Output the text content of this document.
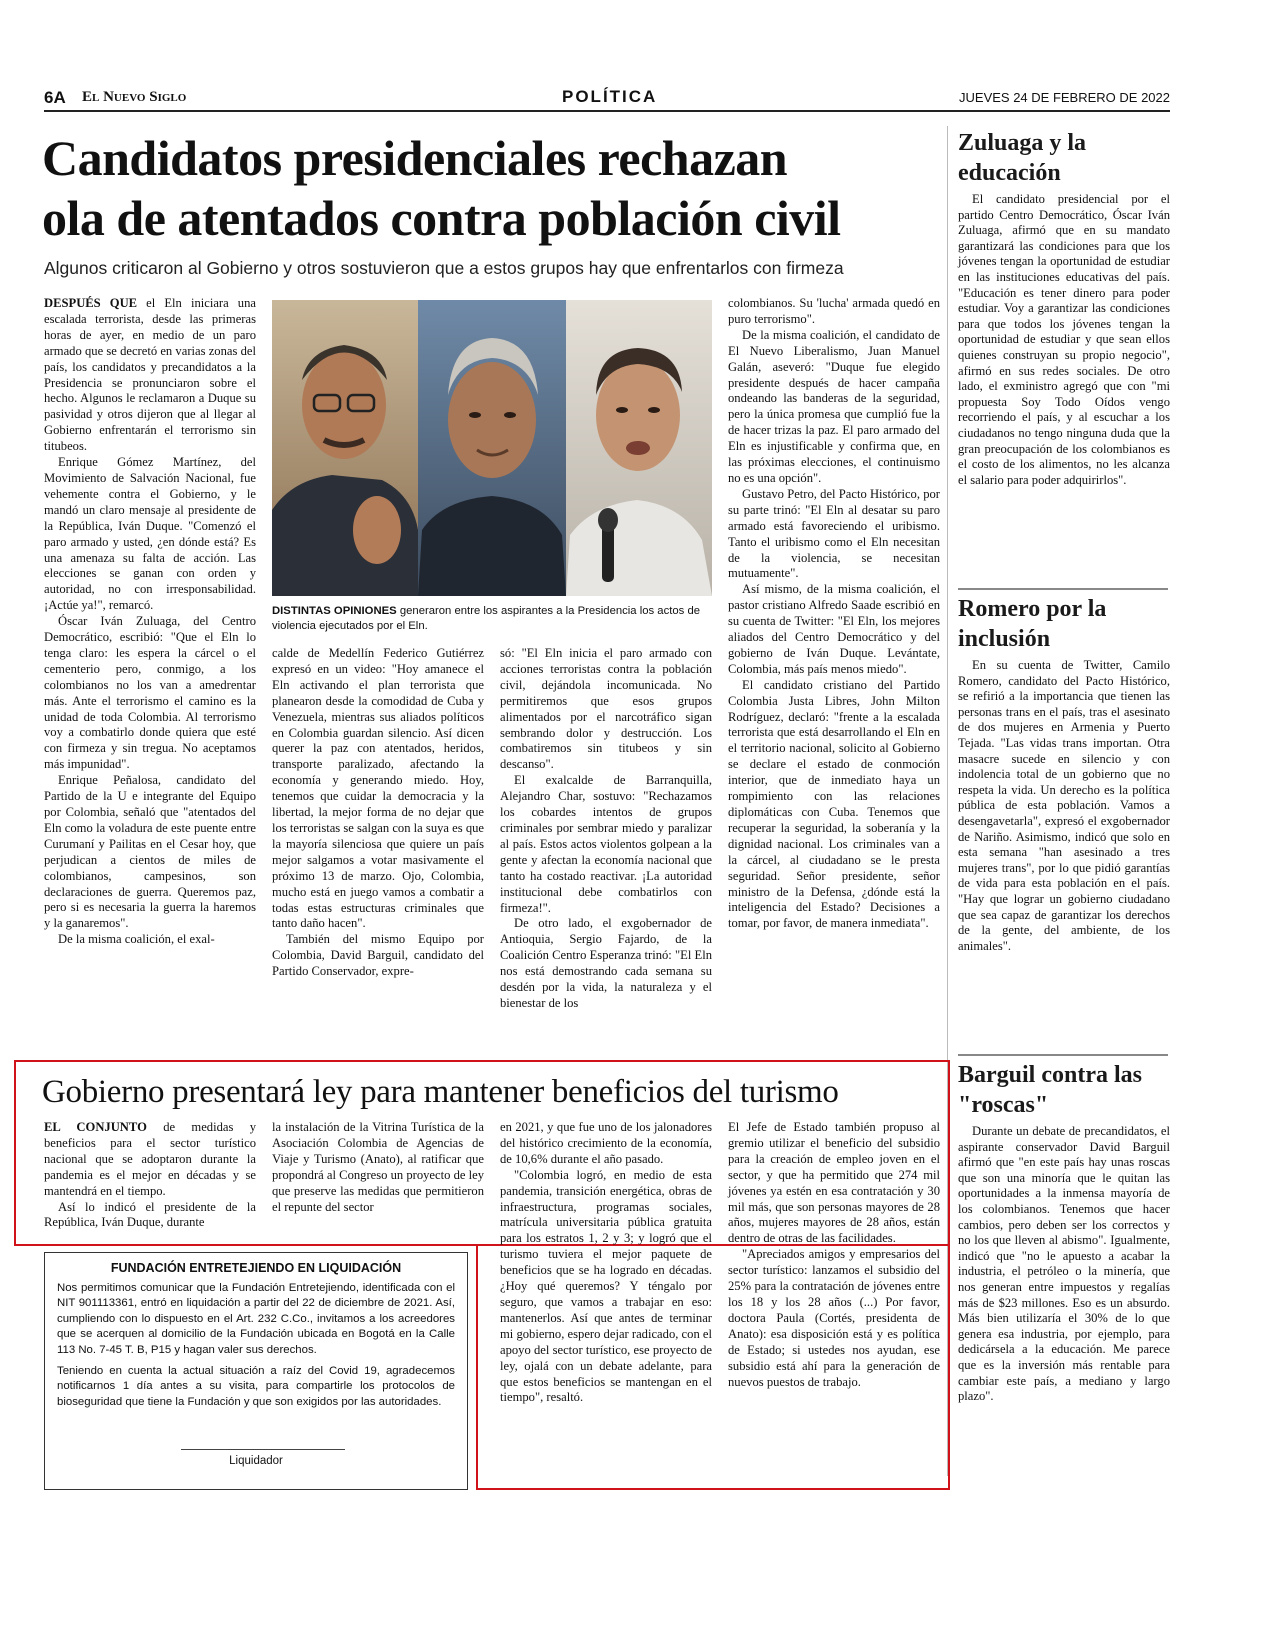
6A El Nuevo Siglo	POLÍTICA	JUEVES 24 DE FEBRERO DE 2022
Candidatos presidenciales rechazan
ola de atentados contra población civil
Algunos criticaron al Gobierno y otros sostuvieron que a estos grupos hay que enfrentarlos con firmeza
DISTINTAS OPINIONES generaron entre los aspirantes a la Presidencia los actos de violencia ejecutados por el Eln.

DESPUÉS QUE el Eln iniciara una escalada terrorista, desde las primeras horas de ayer, en medio de un paro armado que se decretó en varias zonas del país, los candidatos y precandidatos a la Presidencia se pronunciaron sobre el hecho. Algunos le reclamaron a Duque su pasividad y otros dijeron que al llegar al Gobierno enfrentarán el terrorismo sin titubeos.

Enrique Gómez Martínez, del Movimiento de Salvación Nacional, fue vehemente contra el Gobierno, y le mandó un claro mensaje al presidente de la República, Iván Duque. "Comenzó el paro armado y usted, ¿en dónde está? Es una amenaza su falta de acción. Las elecciones se ganan con orden y autoridad, no con irresponsabilidad. ¡Actúe ya!", remarcó.

Óscar Iván Zuluaga, del Centro Democrático, escribió: "Que el Eln lo tenga claro: les espera la cárcel o el cementerio pero, conmigo, a los colombianos no los van a amedrentar más. Ante el terrorismo el camino es la unidad de toda Colombia. Al terrorismo voy a combatirlo donde quiera que esté con firmeza y sin tregua. No aceptamos más impunidad".

Enrique Peñalosa, candidato del Partido de la U e integrante del Equipo por Colombia, señaló que "atentados del Eln como la voladura de este puente entre Curumaní y Pailitas en el Cesar hoy, que perjudican a cientos de miles de colombianos, campesinos, son declaraciones de guerra. Queremos paz, pero si es necesaria la guerra la haremos y la ganaremos".

De la misma coalición, el exal-

calde de Medellín Federico Gutiérrez expresó en un video: "Hoy amanece el Eln activando el plan terrorista que planearon desde la comodidad de Cuba y Venezuela, mientras sus aliados políticos en Colombia guardan silencio. Así dicen querer la paz con atentados, heridos, transporte paralizado, afectando la economía y generando miedo. Hoy, tenemos que cuidar la democracia y la libertad, la mejor forma de no dejar que los terroristas se salgan con la suya es que la mayoría silenciosa que quiere un país mejor salgamos a votar masivamente el próximo 13 de marzo. Ojo, Colombia, mucho está en juego vamos a combatir a todas estas estructuras criminales que tanto daño hacen".

También del mismo Equipo por Colombia, David Barguil, candidato del Partido Conservador, expre-

só: "El Eln inicia el paro armado con acciones terroristas contra la población civil, dejándola incomunicada. No permitiremos que esos grupos alimentados por el narcotráfico sigan sembrando dolor y destrucción. Los combatiremos sin titubeos y sin descanso".

El exalcalde de Barranquilla, Alejandro Char, sostuvo: "Rechazamos los cobardes intentos de grupos criminales por sembrar miedo y paralizar al país. Estos actos violentos golpean a la gente y afectan la economía nacional que tanto ha costado reactivar. ¡La autoridad institucional debe combatirlos con firmeza!".

De otro lado, el exgobernador de Antioquia, Sergio Fajardo, de la Coalición Centro Esperanza trinó: "El Eln nos está demostrando cada semana su desdén por la vida, la naturaleza y el bienestar de los

colombianos. Su 'lucha' armada quedó en puro terrorismo".

De la misma coalición, el candidato de El Nuevo Liberalismo, Juan Manuel Galán, aseveró: "Duque fue elegido presidente después de hacer campaña ondeando las banderas de la seguridad, pero la única promesa que cumplió fue la de hacer trizas la paz. El paro armado del Eln es injustificable y confirma que, en las próximas elecciones, el continuismo no es una opción".

Gustavo Petro, del Pacto Histórico, por su parte trinó: "El Eln al desatar su paro armado está favoreciendo el uribismo. Tanto el uribismo como el Eln necesitan de la violencia, se necesitan mutuamente".

Así mismo, de la misma coalición, el pastor cristiano Alfredo Saade escribió en su cuenta de Twitter: "El Eln, los mejores aliados del Centro Democrático y del gobierno de Iván Duque. Levántate, Colombia, más país menos miedo".

El candidato cristiano del Partido Colombia Justa Libres, John Milton Rodríguez, declaró: "frente a la escalada terrorista que está desarrollando el Eln en el territorio nacional, solicito al Gobierno se declare el estado de conmoción interior, que de inmediato haya un rompimiento con las relaciones diplomáticas con Cuba. Tenemos que recuperar la seguridad, la soberanía y la dignidad nacional. Los criminales van a la cárcel, al ciudadano se le presta seguridad. Señor presidente, señor ministro de la Defensa, ¿dónde está la inteligencia del Estado? Decisiones a tomar, por favor, de manera inmediata".

Zuluaga y la educación

El candidato presidencial por el partido Centro Democrático, Óscar Iván Zuluaga, afirmó que en su mandato garantizará las condiciones para que los jóvenes tengan la oportunidad de estudiar en las instituciones educativas del país. "Educación es tener dinero para poder estudiar. Voy a garantizar las condiciones para que todos los jóvenes tengan la oportunidad de estudiar y que sean ellos quienes construyan su propio negocio", afirmó en sus redes sociales. De otro lado, el exministro agregó que con "mi propuesta Soy Todo Oídos vengo recorriendo el país, y al escuchar a los ciudadanos no tengo ninguna duda que la gran preocupación de los colombianos es el costo de los alimentos, no les alcanza el salario para poder adquirirlos".

Romero por la inclusión

En su cuenta de Twitter, Camilo Romero, candidato del Pacto Histórico, se refirió a la importancia que tienen las personas trans en el país, tras el asesinato de dos mujeres en Armenia y Puerto Tejada. "Las vidas trans importan. Otra masacre sucede en silencio y con indolencia total de un gobierno que no respeta la vida. Un derecho es la política pública de esta población. Vamos a desengavetarla", expresó el exgobernador de Nariño. Asimismo, indicó que solo en esta semana "han asesinado a tres mujeres trans", por lo que pidió garantías de vida para esta población en el país. "Hay que lograr un gobierno ciudadano que sea capaz de garantizar los derechos de la gente, del ambiente, de los animales".

Barguil contra las "roscas"

Durante un debate de precandidatos, el aspirante conservador David Barguil afirmó que "en este país hay unas roscas que son una minoría que le quitan las oportunidades a la inmensa mayoría de los colombianos. Tenemos que hacer cambios, pero deben ser los correctos y no los que lleven al abismo". Igualmente, indicó que "no le apuesto a acabar la industria, el petróleo o la minería, que nos generan entre impuestos y regalías más de $23 millones. Eso es un absurdo. Más bien utilizaría el 30% de lo que genera esa industria, por ejemplo, para dedicársela a la educación. Me parece que es la inversión más rentable para cambiar este país, a mediano y largo plazo".

Gobierno presentará ley para mantener beneficios del turismo

EL CONJUNTO de medidas y beneficios para el sector turístico nacional que se adoptaron durante la pandemia es el mejor en décadas y se mantendrá en el tiempo.

Así lo indicó el presidente de la República, Iván Duque, durante

la instalación de la Vitrina Turística de la Asociación Colombia de Agencias de Viaje y Turismo (Anato), al ratificar que propondrá al Congreso un proyecto de ley que preserve las medidas que permitieron el repunte del sector

en 2021, y que fue uno de los jalonadores del histórico crecimiento de la economía, de 10,6% durante el año pasado.

"Colombia logró, en medio de esta pandemia, transición energética, obras de infraestructura, programas sociales, matrícula universitaria pública gratuita para los estratos 1, 2 y 3; y logró que el turismo tuviera el mejor paquete de beneficios que se ha logrado en décadas. ¿Hoy qué queremos? Y téngalo por seguro, que vamos a trabajar en eso: mantenerlos. Así que antes de terminar mi gobierno, espero dejar radicado, con el apoyo del sector turístico, ese proyecto de ley, ojalá con un debate adelante, para que estos beneficios se mantengan en el tiempo", resaltó.

El Jefe de Estado también propuso al gremio utilizar el beneficio del subsidio para la creación de empleo joven en el sector, y que ha permitido que 274 mil jóvenes ya estén en esa contratación y 30 mil más, que son personas mayores de 28 años, mujeres mayores de 28 años, están dentro de otras de las facilidades.

"Apreciados amigos y empresarios del sector turístico: lanzamos el subsidio del 25% para la contratación de jóvenes entre los 18 y los 28 años (...) Por favor, doctora Paula (Cortés, presidenta de Anato): esa disposición está y es política de Estado; si ustedes nos ayudan, ese subsidio está ahí para la generación de nuevos puestos de trabajo.

FUNDACIÓN ENTRETEJIENDO EN LIQUIDACIÓN

Nos permitimos comunicar que la Fundación Entretejiendo, identificada con el NIT 901113361, entró en liquidación a partir del 22 de diciembre de 2021. Así, cumpliendo con lo dispuesto en el Art. 232 C.Co., invitamos a los acreedores que se acerquen al domicilio de la Fundación ubicada en Bogotá en la Calle 113 No. 7-45 T. B, P15 y hagan valer sus derechos.

Teniendo en cuenta la actual situación a raíz del Covid 19, agradecemos notificarnos 1 día antes a su visita, para compartirle los protocolos de bioseguridad que tiene la Fundación y que son exigidos por las autoridades.

Liquidador
